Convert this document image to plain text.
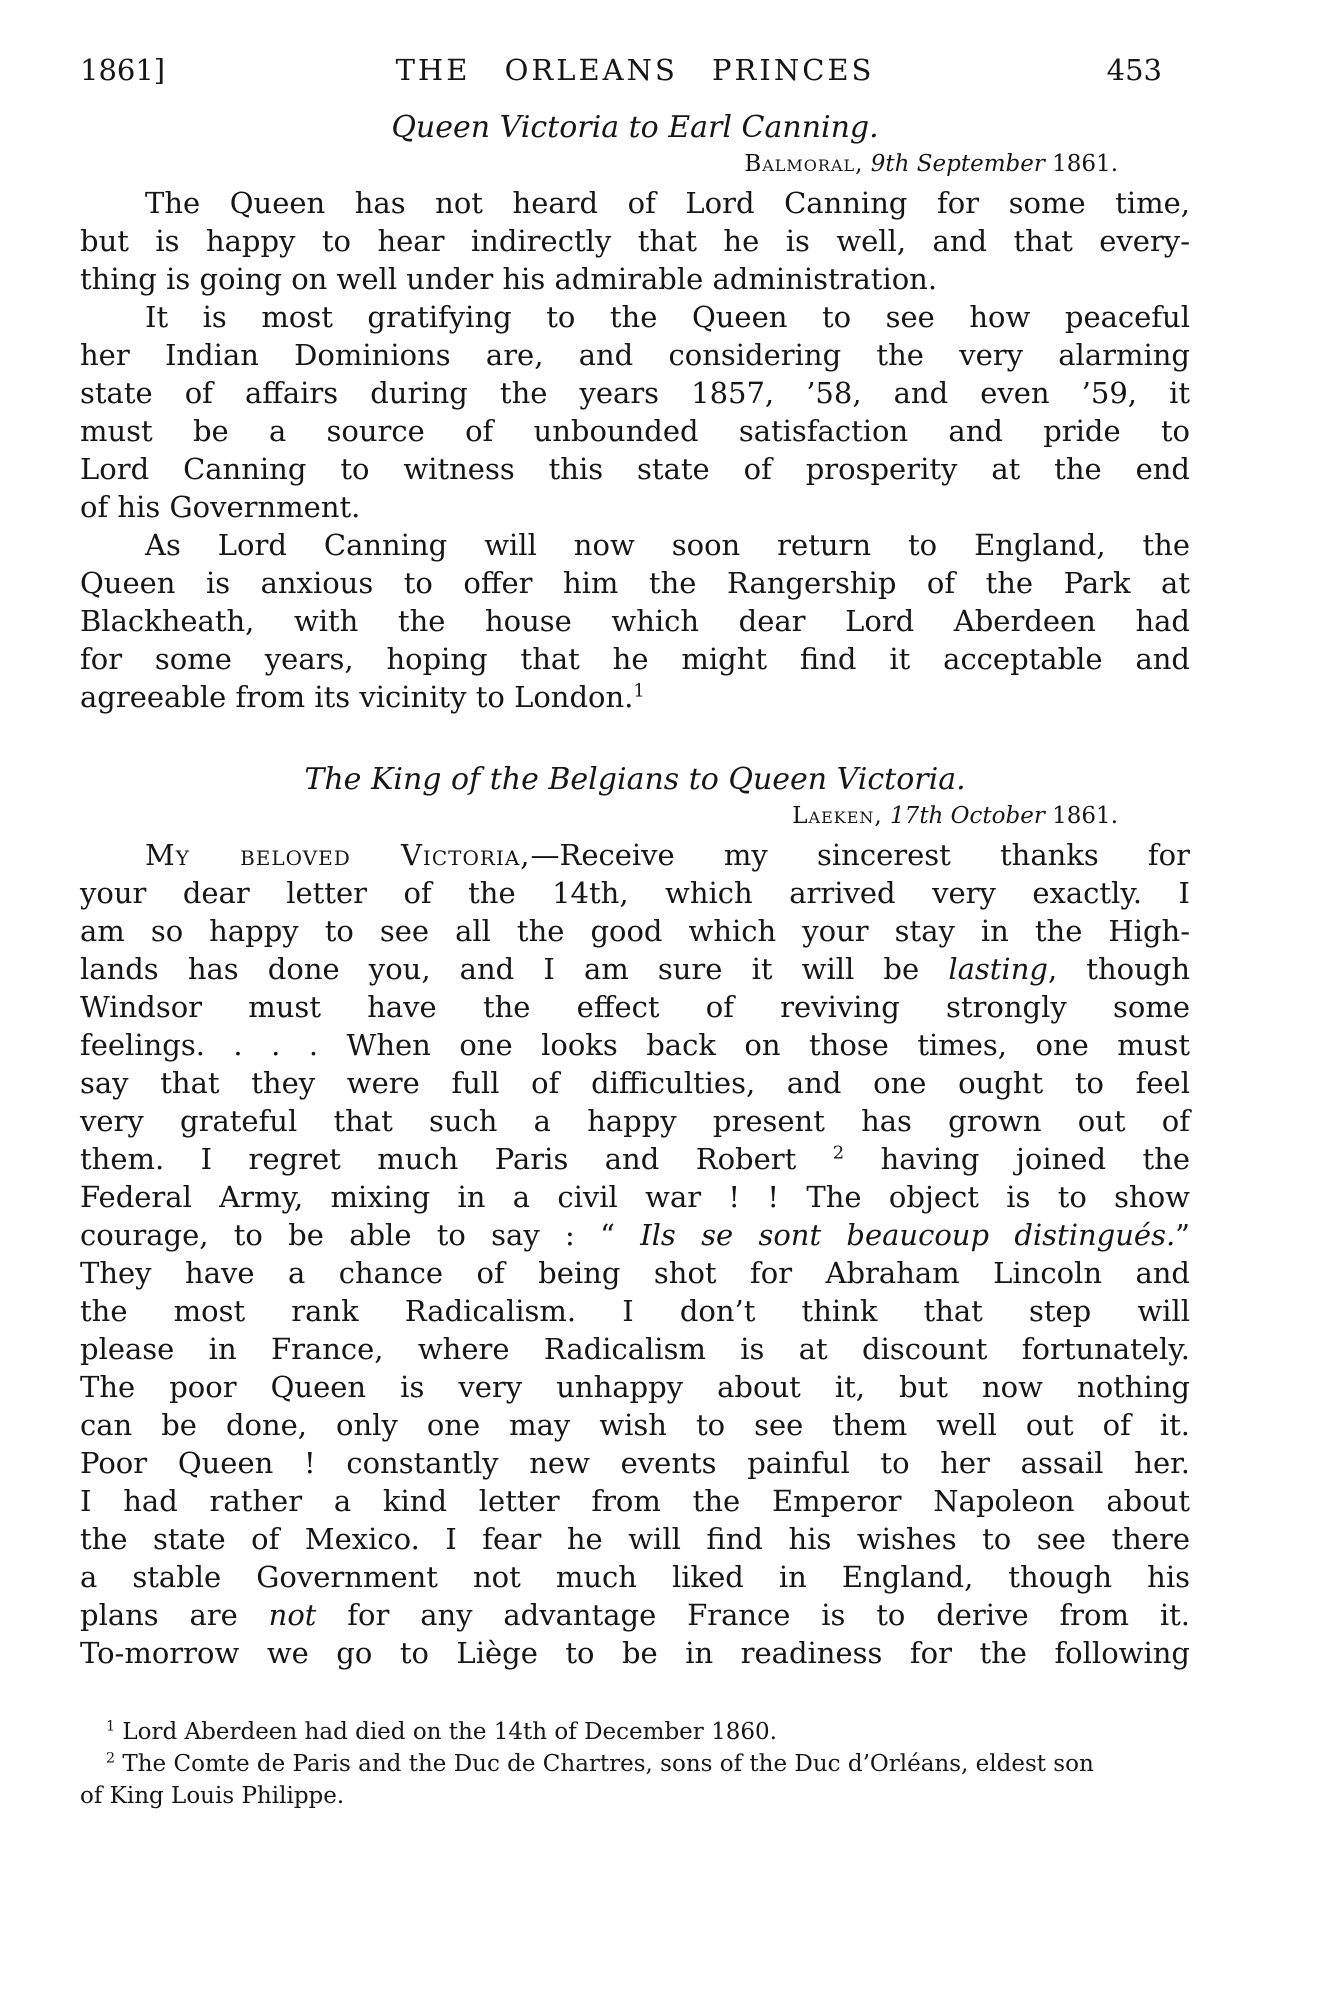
1861]	THE ORLEANS PRINCES	453
Queen Victoria to Earl Canning.
Balmoral, 9th September 1861.
The Queen has not heard of Lord Canning for some time,
but is happy to hear indirectly that he is well, and that every-
thing is going on well under his admirable administration.
It is most gratifying to the Queen to see how peaceful
her Indian Dominions are, and considering the very alarming
state of affairs during the years 1857, ’58, and even ’59, it
must be a source of unbounded satisfaction and pride to
Lord Canning to witness this state of prosperity at the end
of his Government.
As Lord Canning will now soon return to England, the
Queen is anxious to offer him the Rangership of the Park at
Blackheath, with the house which dear Lord Aberdeen had
for some years, hoping that he might find it acceptable and
agreeable from its vicinity to London.$^1$
The King of the Belgians to Queen Victoria.
Laeken, 17th October 1861.
My beloved Victoria,—Receive my sincerest thanks for
your dear letter of the 14th, which arrived very exactly. I
am so happy to see all the good which your stay in the High-
lands has done you, and I am sure it will be lasting, though
Windsor must have the effect of reviving strongly some
feelings. . . . When one looks back on those times, one must
say that they were full of difficulties, and one ought to feel
very grateful that such a happy present has grown out of
them. I regret much Paris and Robert $^2$ having joined the
Federal Army, mixing in a civil war ! ! The object is to show
courage, to be able to say : “ Ils se sont beaucoup distingués.”
They have a chance of being shot for Abraham Lincoln and
the most rank Radicalism. I don’t think that step will
please in France, where Radicalism is at discount fortunately.
The poor Queen is very unhappy about it, but now nothing
can be done, only one may wish to see them well out of it.
Poor Queen ! constantly new events painful to her assail her.
I had rather a kind letter from the Emperor Napoleon about
the state of Mexico. I fear he will find his wishes to see there
a stable Government not much liked in England, though his
plans are not for any advantage France is to derive from it.
To-morrow we go to Liège to be in readiness for the following
$^1$ Lord Aberdeen had died on the 14th of December 1860.
$^2$ The Comte de Paris and the Duc de Chartres, sons of the Duc d’Orléans, eldest son
of King Louis Philippe.
